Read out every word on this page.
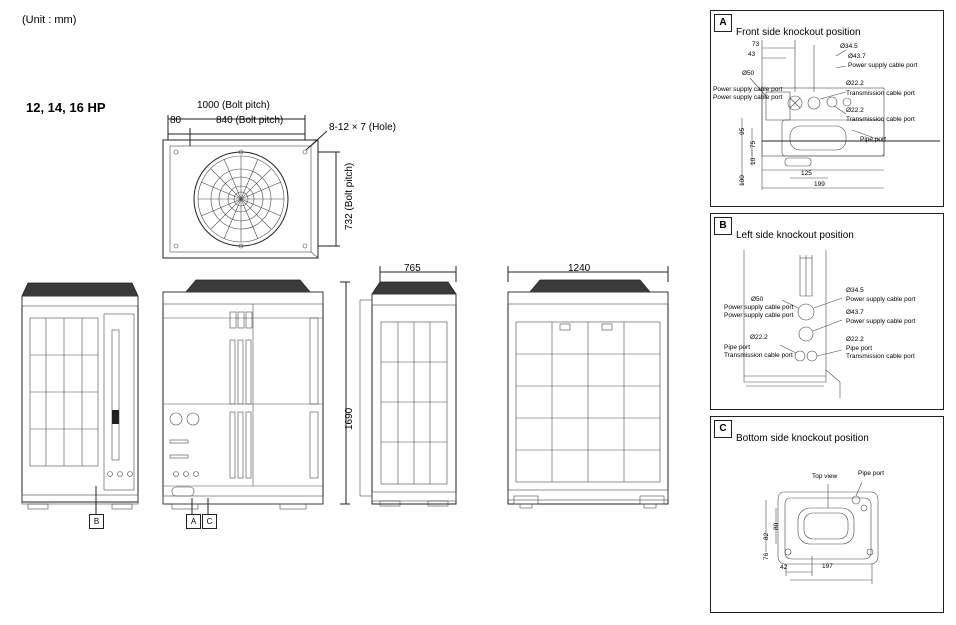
(Unit : mm)
12, 14, 16 HP	1000 (Bolt pitch)
840 (Bolt pitch)
80
8-12 × 7 (Hole)
732 (Bolt pitch)
1690
765	1240
B	A	C
A
Front side knockout position
73
43
Ø50
Power supply cable port
Power supply cable port
95
75
10
100
125
199
Ø34.5
Ø43.7
Power supply cable port
Ø22.2
Transmission cable port
Ø22.2
Transmission cable port
Pipe port
B
Left side knockout position
Ø50
Power supply cable port
Power supply cable port
Ø22.2
Pipe port
Transmission cable port
Ø34.5
Power supply cable port
Ø43.7
Power supply cable port
Ø22.2
Pipe port
Transmission cable port
C
Bottom side knockout position
Top view	Pipe port
80
82
76
42	197
